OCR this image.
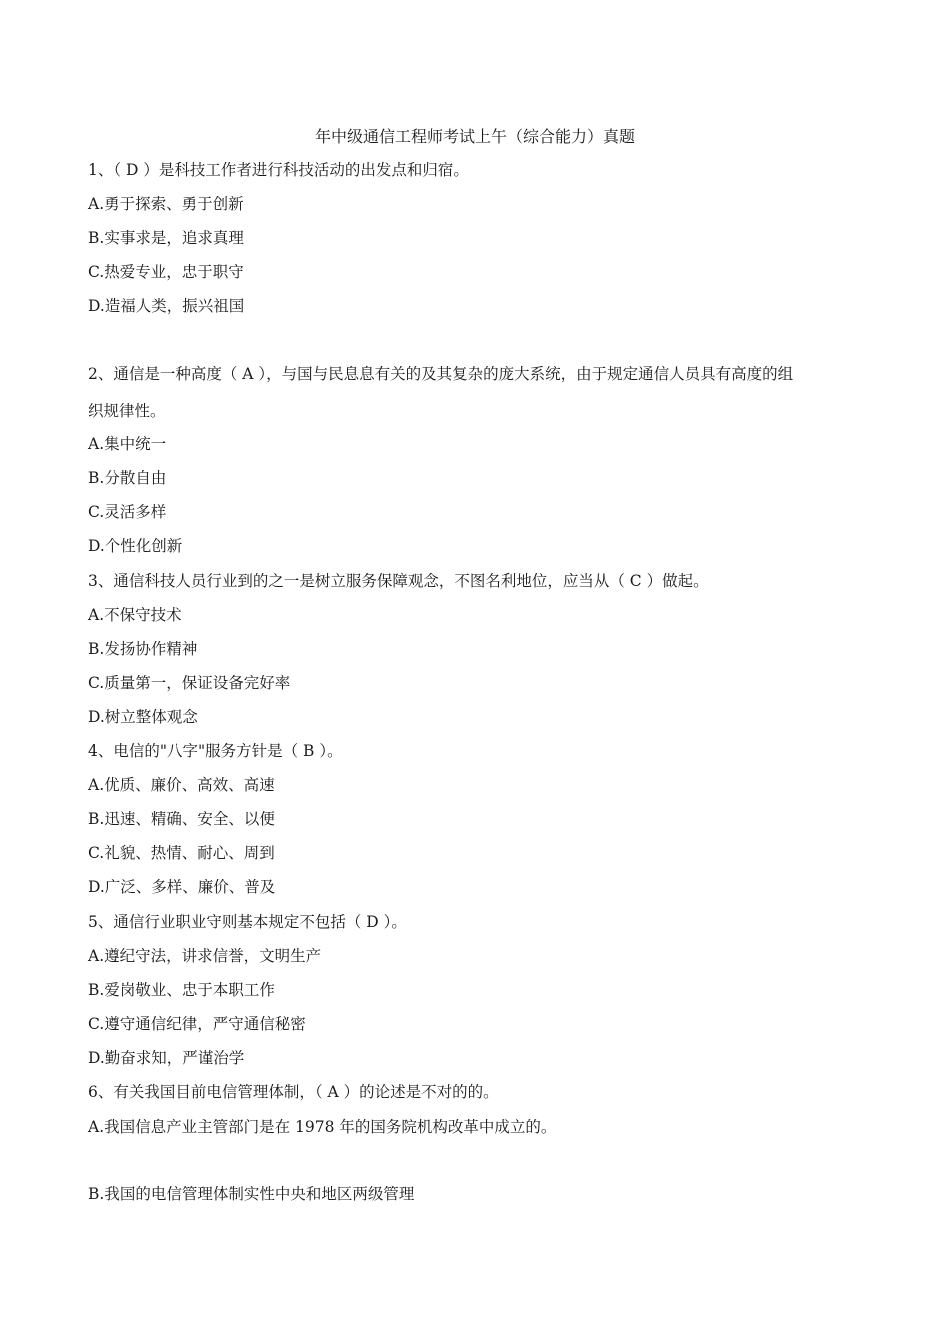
年中级通信工程师考试上午（综合能力）真题
1、（ D ）是科技工作者进行科技活动的出发点和归宿。
A.勇于探索、勇于创新
B.实事求是，追求真理
C.热爱专业，忠于职守
D.造福人类，振兴祖国
2、通信是一种高度（ A ），与国与民息息有关的及其复杂的庞大系统，由于规定通信人员具有高度的组
织规律性。
A.集中统一
B.分散自由
C.灵活多样
D.个性化创新
3、通信科技人员行业到的之一是树立服务保障观念，不图名利地位，应当从（ C ）做起。
A.不保守技术
B.发扬协作精神
C.质量第一，保证设备完好率
D.树立整体观念
4、电信的"八字"服务方针是（ B ）。
A.优质、廉价、高效、高速
B.迅速、精确、安全、以便
C.礼貌、热情、耐心、周到
D.广泛、多样、廉价、普及
5、通信行业职业守则基本规定不包括（ D ）。
A.遵纪守法，讲求信誉，文明生产
B.爱岗敬业、忠于本职工作
C.遵守通信纪律，严守通信秘密
D.勤奋求知，严谨治学
6、有关我国目前电信管理体制，（ A ）的论述是不对的的。
A.我国信息产业主管部门是在 1978 年的国务院机构改革中成立的。
B.我国的电信管理体制实性中央和地区两级管理
